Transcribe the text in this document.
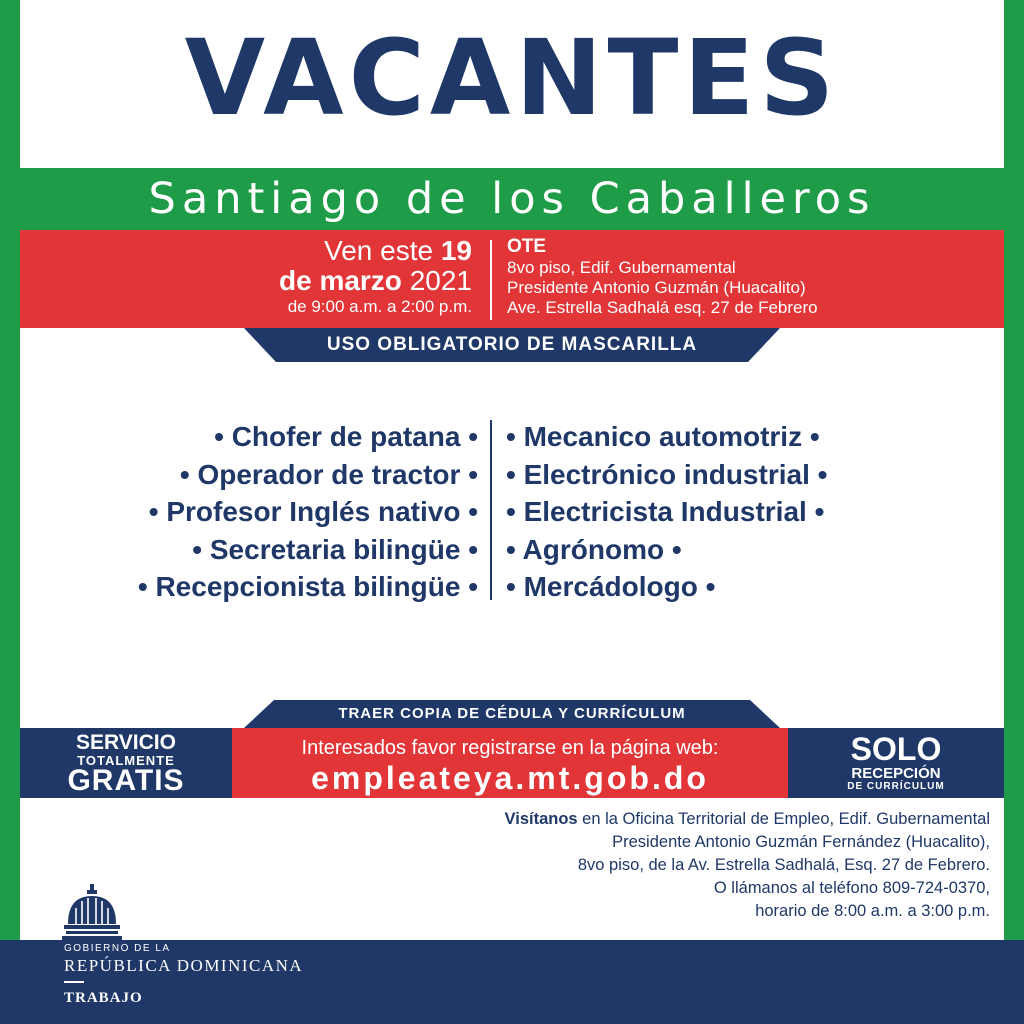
VACANTES
Santiago de los Caballeros
Ven este 19
de marzo 2021
de 9:00 a.m. a 2:00 p.m.
OTE
8vo piso, Edif. Gubernamental
Presidente Antonio Guzmán (Huacalito)
Ave. Estrella Sadhalá esq. 27 de Febrero
USO OBLIGATORIO DE MASCARILLA
• Chofer de patana •
• Operador de tractor •
• Profesor Inglés nativo •
• Secretaria bilingüe •
• Recepcionista bilingüe •
• Mecanico automotriz •
• Electrónico industrial •
• Electricista Industrial •
• Agrónomo •
• Mercádologo •
TRAER COPIA DE CÉDULA Y CURRÍCULUM
SERVICIO
TOTALMENTE
GRATIS
Interesados favor registrarse en la página web:
empleateya.mt.gob.do
SOLO
RECEPCIÓN
DE CURRÍCULUM
Visítanos en la Oficina Territorial de Empleo, Edif. Gubernamental
Presidente Antonio Guzmán Fernández (Huacalito),
8vo piso, de la Av. Estrella Sadhalá, Esq. 27 de Febrero.
O llámanos al teléfono 809-724-0370,
horario de 8:00 a.m. a 3:00 p.m.
GOBIERNO DE LA
REPÚBLICA DOMINICANA
TRABAJO
